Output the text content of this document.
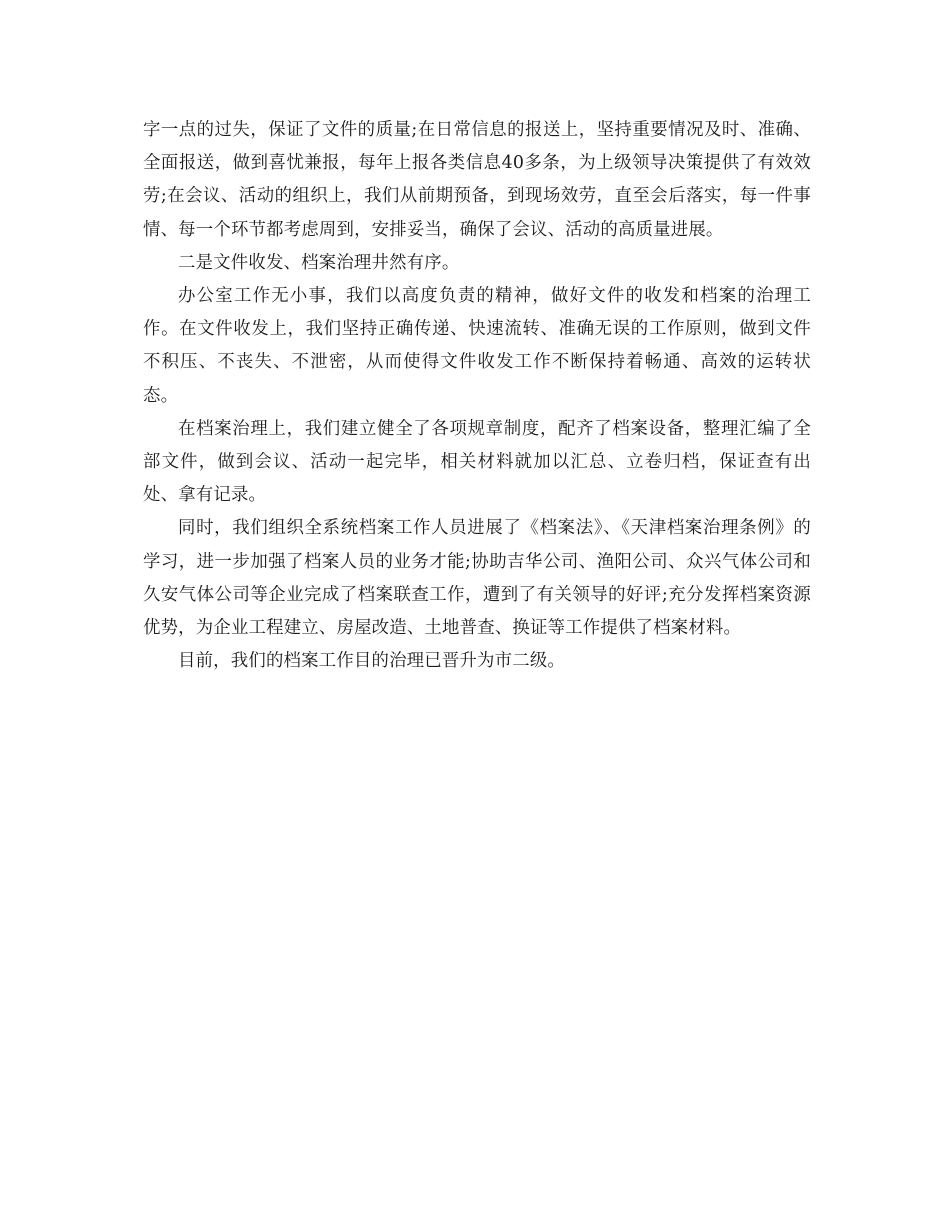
字一点的过失，保证了文件的质量;在日常信息的报送上，坚持重要情况及时、准确、全面报送，做到喜忧兼报，每年上报各类信息40多条，为上级领导决策提供了有效效劳;在会议、活动的组织上，我们从前期预备，到现场效劳，直至会后落实，每一件事情、每一个环节都考虑周到，安排妥当，确保了会议、活动的高质量进展。

二是文件收发、档案治理井然有序。

办公室工作无小事，我们以高度负责的精神，做好文件的收发和档案的治理工作。在文件收发上，我们坚持正确传递、快速流转、准确无误的工作原则，做到文件不积压、不丧失、不泄密，从而使得文件收发工作不断保持着畅通、高效的运转状态。

在档案治理上，我们建立健全了各项规章制度，配齐了档案设备，整理汇编了全部文件，做到会议、活动一起完毕，相关材料就加以汇总、立卷归档，保证查有出处、拿有记录。

同时，我们组织全系统档案工作人员进展了《档案法》、《天津档案治理条例》的学习，进一步加强了档案人员的业务才能;协助吉华公司、渔阳公司、众兴气体公司和久安气体公司等企业完成了档案联查工作，遭到了有关领导的好评;充分发挥档案资源优势，为企业工程建立、房屋改造、土地普查、换证等工作提供了档案材料。

目前，我们的档案工作目的治理已晋升为市二级。
